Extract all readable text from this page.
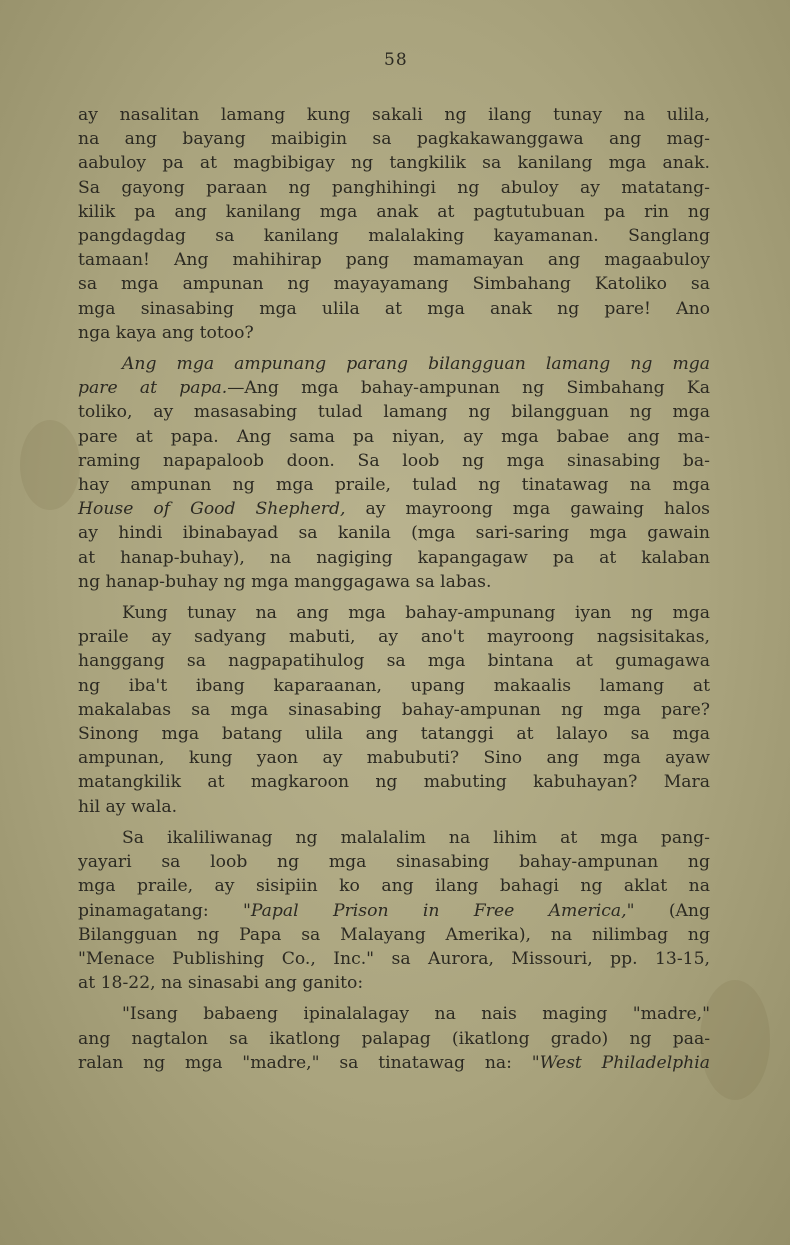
58
ay nasalitan lamang kung sakali ng ilang tunay na ulila,
na ang bayang maibigin sa pagkakawanggawa ang mag-
aabuloy pa at magbibigay ng tangkilik sa kanilang mga anak.
Sa gayong paraan ng panghihingi ng abuloy ay matatang-
kilik pa ang kanilang mga anak at pagtutubuan pa rin ng
pangdagdag sa kanilang malalaking kayamanan. Sanglang
tamaan! Ang mahihirap pang mamamayan ang magaabuloy
sa mga ampunan ng mayayamang Simbahang Katoliko sa
mga sinasabing mga ulila at mga anak ng pare! Ano
nga kaya ang totoo?
Ang mga ampunang parang bilangguan lamang ng mga
pare at papa.—Ang mga bahay-ampunan ng Simbahang Ka
toliko, ay masasabing tulad lamang ng bilangguan ng mga
pare at papa. Ang sama pa niyan, ay mga babae ang ma-
raming napapaloob doon. Sa loob ng mga sinasabing ba-
hay ampunan ng mga praile, tulad ng tinatawag na mga
House of Good Shepherd, ay mayroong mga gawaing halos
ay hindi ibinabayad sa kanila (mga sari-saring mga gawain
at hanap-buhay), na nagiging kapangagaw pa at kalaban
ng hanap-buhay ng mga manggagawa sa labas.
Kung tunay na ang mga bahay-ampunang iyan ng mga
praile ay sadyang mabuti, ay ano't mayroong nagsisitakas,
hanggang sa nagpapatihulog sa mga bintana at gumagawa
ng iba't ibang kaparaanan, upang makaalis lamang at
makalabas sa mga sinasabing bahay-ampunan ng mga pare?
Sinong mga batang ulila ang tatanggi at lalayo sa mga
ampunan, kung yaon ay mabubuti? Sino ang mga ayaw
matangkilik at magkaroon ng mabuting kabuhayan? Mara
hil ay wala.
Sa ikaliliwanag ng malalalim na lihim at mga pang-
yayari sa loob ng mga sinasabing bahay-ampunan ng
mga praile, ay sisipiin ko ang ilang bahagi ng aklat na
pinamagatang: "Papal Prison in Free America," (Ang
Bilangguan ng Papa sa Malayang Amerika), na nilimbag ng
"Menace Publishing Co., Inc." sa Aurora, Missouri, pp. 13-15,
at 18-22, na sinasabi ang ganito:
"Isang babaeng ipinalalagay na nais maging "madre,"
ang nagtalon sa ikatlong palapag (ikatlong grado) ng paa-
ralan ng mga "madre," sa tinatawag na: "West Philadelphia
